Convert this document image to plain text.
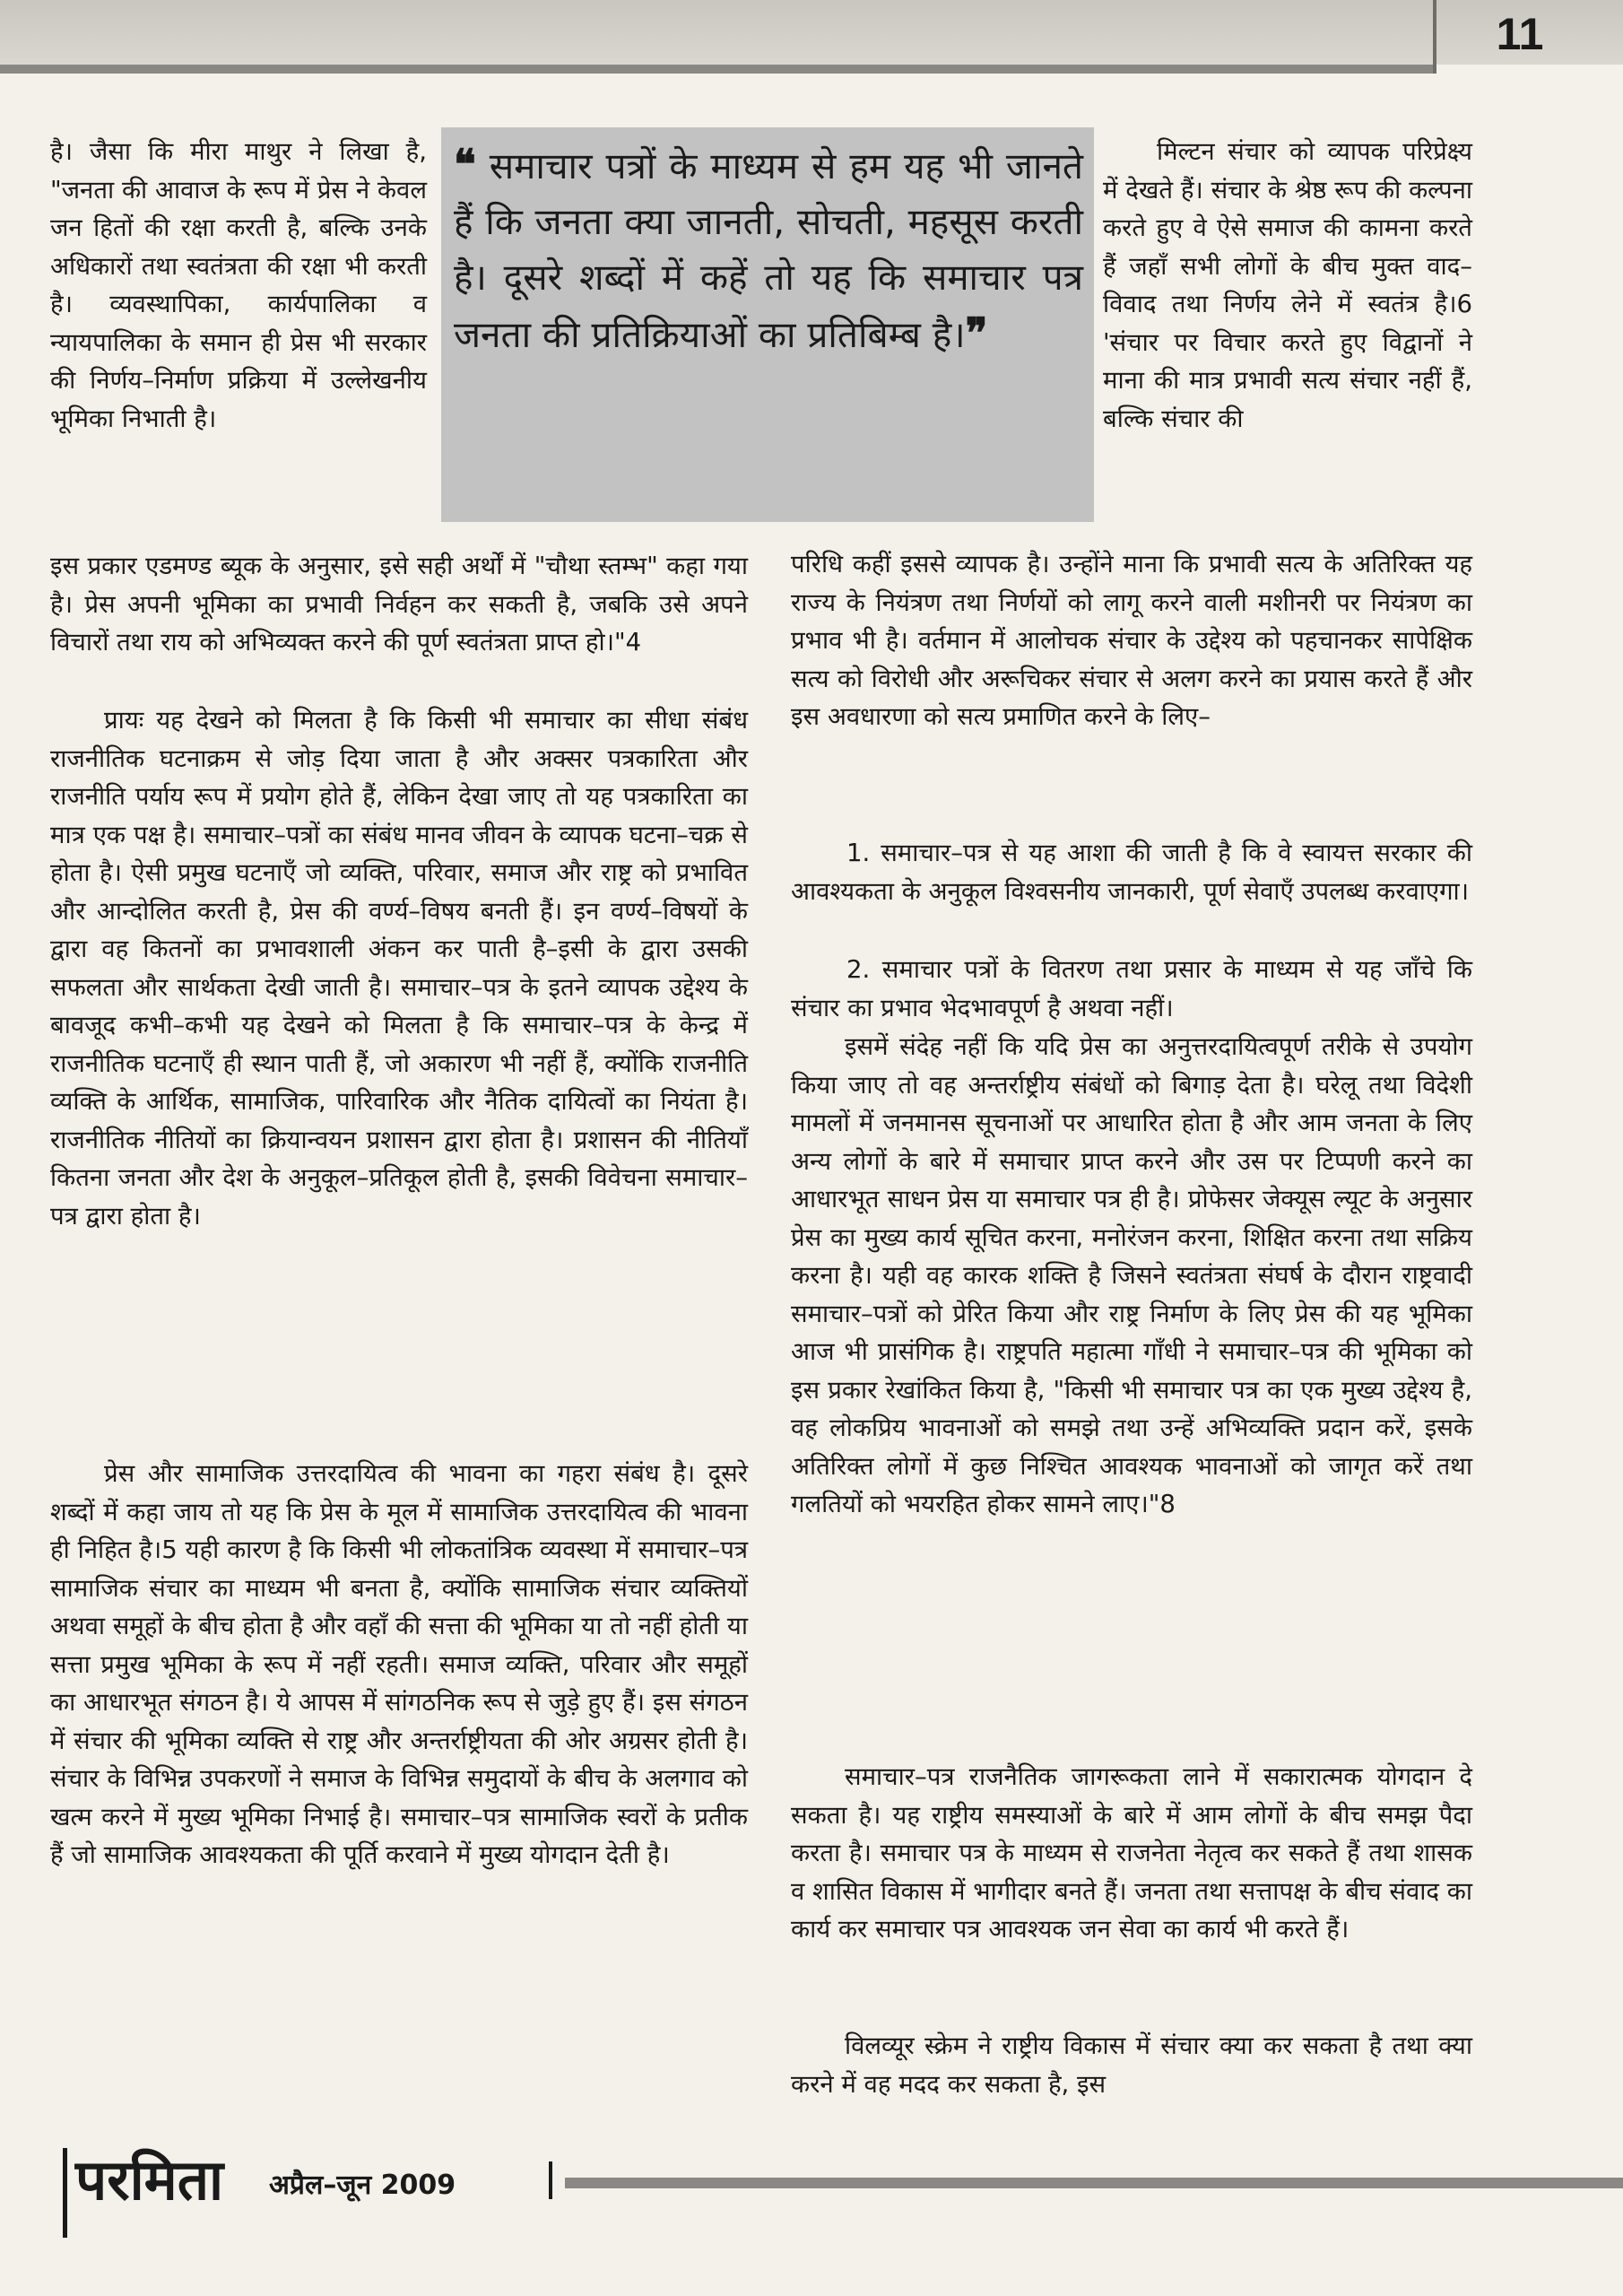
11

❝ समाचार पत्रों के माध्यम से हम यह भी जानते हैं कि जनता क्या जानती, सोचती, महसूस करती है। दूसरे शब्दों में कहें तो यह कि समाचार पत्र जनता की प्रतिक्रियाओं का प्रतिबिम्ब है।❞

है। जैसा कि मीरा माथुर ने लिखा है, "जनता की आवाज के रूप में प्रेस ने केवल जन हितों की रक्षा करती है, बल्कि उनके अधिकारों तथा स्वतंत्रता की रक्षा भी करती है। व्यवस्थापिका, कार्यपालिका व न्यायपालिका के समान ही प्रेस भी सरकार की निर्णय–निर्माण प्रक्रिया में उल्लेखनीय भूमिका निभाती है।

इस प्रकार एडमण्ड ब्यूक के अनुसार, इसे सही अर्थों में "चौथा स्तम्भ" कहा गया है। प्रेस अपनी भूमिका का प्रभावी निर्वहन कर सकती है, जबकि उसे अपने विचारों तथा राय को अभिव्यक्त करने की पूर्ण स्वतंत्रता प्राप्त हो।"4

प्रायः यह देखने को मिलता है कि किसी भी समाचार का सीधा संबंध राजनीतिक घटनाक्रम से जोड़ दिया जाता है और अक्सर पत्रकारिता और राजनीति पर्याय रूप में प्रयोग होते हैं, लेकिन देखा जाए तो यह पत्रकारिता का मात्र एक पक्ष है। समाचार–पत्रों का संबंध मानव जीवन के व्यापक घटना–चक्र से होता है। ऐसी प्रमुख घटनाएँ जो व्यक्ति, परिवार, समाज और राष्ट्र को प्रभावित और आन्दोलित करती है, प्रेस की वर्ण्य–विषय बनती हैं। इन वर्ण्य–विषयों के द्वारा वह कितनों का प्रभावशाली अंकन कर पाती है–इसी के द्वारा उसकी सफलता और सार्थकता देखी जाती है। समाचार–पत्र के इतने व्यापक उद्देश्य के बावजूद कभी–कभी यह देखने को मिलता है कि समाचार–पत्र के केन्द्र में राजनीतिक घटनाएँ ही स्थान पाती हैं, जो अकारण भी नहीं हैं, क्योंकि राजनीति व्यक्ति के आर्थिक, सामाजिक, पारिवारिक और नैतिक दायित्वों का नियंता है। राजनीतिक नीतियों का क्रियान्वयन प्रशासन द्वारा होता है। प्रशासन की नीतियाँ कितना जनता और देश के अनुकूल–प्रतिकूल होती है, इसकी विवेचना समाचार–पत्र द्वारा होता है।

प्रेस और सामाजिक उत्तरदायित्व की भावना का गहरा संबंध है। दूसरे शब्दों में कहा जाय तो यह कि प्रेस के मूल में सामाजिक उत्तरदायित्व की भावना ही निहित है।5 यही कारण है कि किसी भी लोकतांत्रिक व्यवस्था में समाचार–पत्र सामाजिक संचार का माध्यम भी बनता है, क्योंकि सामाजिक संचार व्यक्तियों अथवा समूहों के बीच होता है और वहाँ की सत्ता की भूमिका या तो नहीं होती या सत्ता प्रमुख भूमिका के रूप में नहीं रहती। समाज व्यक्ति, परिवार और समूहों का आधारभूत संगठन है। ये आपस में सांगठनिक रूप से जुड़े हुए हैं। इस संगठन में संचार की भूमिका व्यक्ति से राष्ट्र और अन्तर्राष्ट्रीयता की ओर अग्रसर होती है। संचार के विभिन्न उपकरणों ने समाज के विभिन्न समुदायों के बीच के अलगाव को खत्म करने में मुख्य भूमिका निभाई है। समाचार–पत्र सामाजिक स्वरों के प्रतीक हैं जो सामाजिक आवश्यकता की पूर्ति करवाने में मुख्य योगदान देती है।

मिल्टन संचार को व्यापक परिप्रेक्ष्य में देखते हैं। संचार के श्रेष्ठ रूप की कल्पना करते हुए वे ऐसे समाज की कामना करते हैं जहाँ सभी लोगों के बीच मुक्त वाद–विवाद तथा निर्णय लेने में स्वतंत्र है।6 'संचार पर विचार करते हुए विद्वानों ने माना की मात्र प्रभावी सत्य संचार नहीं हैं, बल्कि संचार की

परिधि कहीं इससे व्यापक है। उन्होंने माना कि प्रभावी सत्य के अतिरिक्त यह राज्य के नियंत्रण तथा निर्णयों को लागू करने वाली मशीनरी पर नियंत्रण का प्रभाव भी है। वर्तमान में आलोचक संचार के उद्देश्य को पहचानकर सापेक्षिक सत्य को विरोधी और अरूचिकर संचार से अलग करने का प्रयास करते हैं और इस अवधारणा को सत्य प्रमाणित करने के लिए–

1. समाचार–पत्र से यह आशा की जाती है कि वे स्वायत्त सरकार की आवश्यकता के अनुकूल विश्वसनीय जानकारी, पूर्ण सेवाएँ उपलब्ध करवाएगा।

2. समाचार पत्रों के वितरण तथा प्रसार के माध्यम से यह जाँचे कि संचार का प्रभाव भेदभावपूर्ण है अथवा नहीं।

इसमें संदेह नहीं कि यदि प्रेस का अनुत्तरदायित्वपूर्ण तरीके से उपयोग किया जाए तो वह अन्तर्राष्ट्रीय संबंधों को बिगाड़ देता है। घरेलू तथा विदेशी मामलों में जनमानस सूचनाओं पर आधारित होता है और आम जनता के लिए अन्य लोगों के बारे में समाचार प्राप्त करने और उस पर टिप्पणी करने का आधारभूत साधन प्रेस या समाचार पत्र ही है। प्रोफेसर जेक्यूस ल्यूट के अनुसार प्रेस का मुख्य कार्य सूचित करना, मनोरंजन करना, शिक्षित करना तथा सक्रिय करना है। यही वह कारक शक्ति है जिसने स्वतंत्रता संघर्ष के दौरान राष्ट्रवादी समाचार–पत्रों को प्रेरित किया और राष्ट्र निर्माण के लिए प्रेस की यह भूमिका आज भी प्रासंगिक है। राष्ट्रपति महात्मा गाँधी ने समाचार–पत्र की भूमिका को इस प्रकार रेखांकित किया है, "किसी भी समाचार पत्र का एक मुख्य उद्देश्य है, वह लोकप्रिय भावनाओं को समझे तथा उन्हें अभिव्यक्ति प्रदान करें, इसके अतिरिक्त लोगों में कुछ निश्चित आवश्यक भावनाओं को जागृत करें तथा गलतियों को भयरहित होकर सामने लाए।"8

समाचार–पत्र राजनैतिक जागरूकता लाने में सकारात्मक योगदान दे सकता है। यह राष्ट्रीय समस्याओं के बारे में आम लोगों के बीच समझ पैदा करता है। समाचार पत्र के माध्यम से राजनेता नेतृत्व कर सकते हैं तथा शासक व शासित विकास में भागीदार बनते हैं। जनता तथा सत्तापक्ष के बीच संवाद का कार्य कर समाचार पत्र आवश्यक जन सेवा का कार्य भी करते हैं।

विलव्यूर स्क्रेम ने राष्ट्रीय विकास में संचार क्या कर सकता है तथा क्या करने में वह मदद कर सकता है, इस

परमिता अप्रैल–जून 2009
